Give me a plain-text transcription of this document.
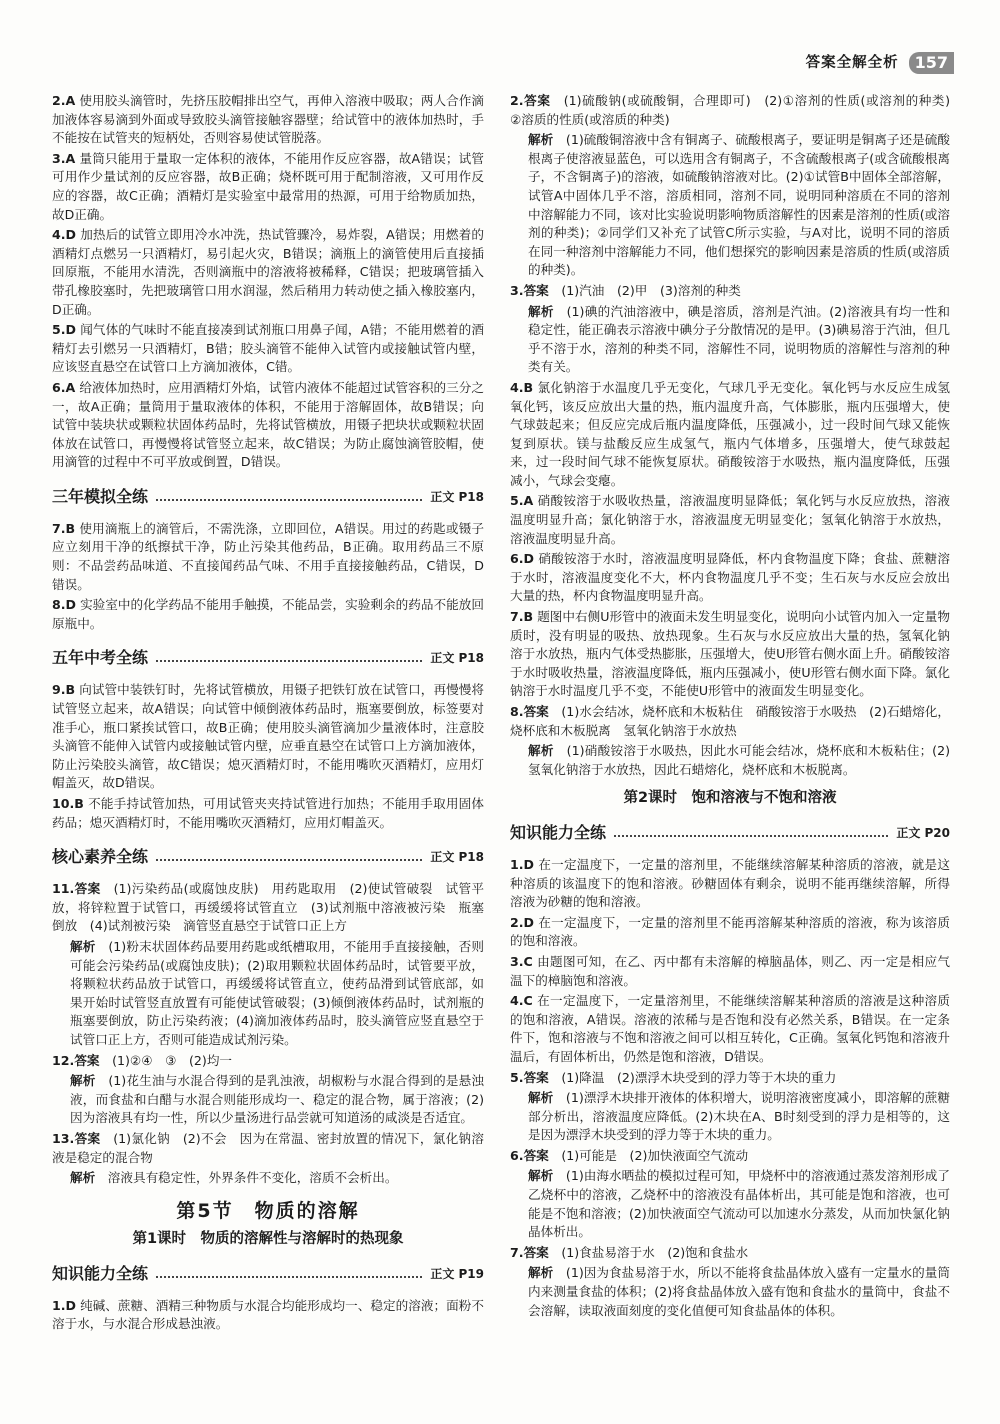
答案全解全析	157
2.A 使用胶头滴管时，先挤压胶帽排出空气，再伸入溶液中吸取；两人合作滴加液体容易滴到外面或导致胶头滴管接触容器壁；给试管中的液体加热时，手不能按在试管夹的短柄处，否则容易使试管脱落。
3.A 量筒只能用于量取一定体积的液体，不能用作反应容器，故A错误；试管可用作少量试剂的反应容器，故B正确；烧杯既可用于配制溶液，又可用作反应的容器，故C正确；酒精灯是实验室中最常用的热源，可用于给物质加热，故D正确。
4.D 加热后的试管立即用冷水冲洗，热试管骤冷，易炸裂，A错误；用燃着的酒精灯点燃另一只酒精灯，易引起火灾，B错误；滴瓶上的滴管使用后直接插回原瓶，不能用水清洗，否则滴瓶中的溶液将被稀释，C错误；把玻璃管插入带孔橡胶塞时，先把玻璃管口用水润湿，然后稍用力转动使之插入橡胶塞内，D正确。
5.D 闻气体的气味时不能直接凑到试剂瓶口用鼻子闻，A错；不能用燃着的酒精灯去引燃另一只酒精灯，B错；胶头滴管不能伸入试管内或接触试管内壁，应该竖直悬空在试管口上方滴加液体，C错。
6.A 给液体加热时，应用酒精灯外焰，试管内液体不能超过试管容积的三分之一，故A正确；量筒用于量取液体的体积，不能用于溶解固体，故B错误；向试管中装块状或颗粒状固体药品时，先将试管横放，用镊子把块状或颗粒状固体放在试管口，再慢慢将试管竖立起来，故C错误；为防止腐蚀滴管胶帽，使用滴管的过程中不可平放或倒置，D错误。
三年模拟全练	正文 P18
7.B 使用滴瓶上的滴管后，不需洗涤，立即回位，A错误。用过的药匙或镊子应立刻用干净的纸擦拭干净，防止污染其他药品，B正确。取用药品三不原则：不品尝药品味道、不直接闻药品气味、不用手直接接触药品，C错误，D错误。
8.D 实验室中的化学药品不能用手触摸，不能品尝，实验剩余的药品不能放回原瓶中。
五年中考全练	正文 P18
9.B 向试管中装铁钉时，先将试管横放，用镊子把铁钉放在试管口，再慢慢将试管竖立起来，故A错误；向试管中倾倒液体药品时，瓶塞要倒放，标签要对准手心，瓶口紧挨试管口，故B正确；使用胶头滴管滴加少量液体时，注意胶头滴管不能伸入试管内或接触试管内壁，应垂直悬空在试管口上方滴加液体，防止污染胶头滴管，故C错误；熄灭酒精灯时，不能用嘴吹灭酒精灯，应用灯帽盖灭，故D错误。
10.B 不能手持试管加热，可用试管夹夹持试管进行加热；不能用手取用固体药品；熄灭酒精灯时，不能用嘴吹灭酒精灯，应用灯帽盖灭。
核心素养全练	正文 P18
11.答案　 (1)污染药品(或腐蚀皮肤)　用药匙取用　(2)使试管破裂　试管平放，将锌粒置于试管口，再缓缓将试管直立　(3)试剂瓶中溶液被污染　瓶塞倒放　(4)试剂被污染　滴管竖直悬空于试管口正上方
解析　 (1)粉末状固体药品要用药匙或纸槽取用，不能用手直接接触，否则可能会污染药品(或腐蚀皮肤)；(2)取用颗粒状固体药品时，试管要平放，将颗粒状药品放于试管口，再缓缓将试管直立，使药品滑到试管底部，如果开始时试管竖直放置有可能使试管破裂；(3)倾倒液体药品时，试剂瓶的瓶塞要倒放，防止污染药液；(4)滴加液体药品时，胶头滴管应竖直悬空于试管口正上方，否则可能造成试剂污染。
12.答案　 (1)②④　③　(2)均一
解析　 (1)花生油与水混合得到的是乳浊液，胡椒粉与水混合得到的是悬浊液，而食盐和白醋与水混合则能形成均一、稳定的混合物，属于溶液；(2)因为溶液具有均一性，所以少量汤进行品尝就可知道汤的咸淡是否适宜。
13.答案　 (1)氯化钠　(2)不会　因为在常温、密封放置的情况下，氯化钠溶液是稳定的混合物
解析　 溶液具有稳定性，外界条件不变化，溶质不会析出。
第5节　物质的溶解
第1课时　物质的溶解性与溶解时的热现象
知识能力全练	正文 P19
1.D 纯碱、蔗糖、酒精三种物质与水混合均能形成均一、稳定的溶液；面粉不溶于水，与水混合形成悬浊液。
2.答案　 (1)硫酸钠(或硫酸铜，合理即可)　(2)①溶剂的性质(或溶剂的种类)　②溶质的性质(或溶质的种类)
解析　 (1)硫酸铜溶液中含有铜离子、硫酸根离子，要证明是铜离子还是硫酸根离子使溶液显蓝色，可以选用含有铜离子，不含硫酸根离子(或含硫酸根离子，不含铜离子)的溶液，如硫酸钠溶液对比。(2)①试管B中固体全部溶解，试管A中固体几乎不溶，溶质相同，溶剂不同，说明同种溶质在不同的溶剂中溶解能力不同，该对比实验说明影响物质溶解性的因素是溶剂的性质(或溶剂的种类)；②同学们又补充了试管C所示实验，与A对比，说明不同的溶质在同一种溶剂中溶解能力不同，他们想探究的影响因素是溶质的性质(或溶质的种类)。
3.答案　 (1)汽油　(2)甲　(3)溶剂的种类
解析　 (1)碘的汽油溶液中，碘是溶质，溶剂是汽油。(2)溶液具有均一性和稳定性，能正确表示溶液中碘分子分散情况的是甲。(3)碘易溶于汽油，但几乎不溶于水，溶剂的种类不同，溶解性不同，说明物质的溶解性与溶剂的种类有关。
4.B 氯化钠溶于水温度几乎无变化，气球几乎无变化。氧化钙与水反应生成氢氧化钙，该反应放出大量的热，瓶内温度升高，气体膨胀，瓶内压强增大，使气球鼓起来；但反应完成后瓶内温度降低，压强减小，过一段时间气球又能恢复到原状。镁与盐酸反应生成氢气，瓶内气体增多，压强增大，使气球鼓起来，过一段时间气球不能恢复原状。硝酸铵溶于水吸热，瓶内温度降低，压强减小，气球会变瘪。
5.A 硝酸铵溶于水吸收热量，溶液温度明显降低；氧化钙与水反应放热，溶液温度明显升高；氯化钠溶于水，溶液温度无明显变化；氢氧化钠溶于水放热，溶液温度明显升高。
6.D 硝酸铵溶于水时，溶液温度明显降低，杯内食物温度下降；食盐、蔗糖溶于水时，溶液温度变化不大，杯内食物温度几乎不变；生石灰与水反应会放出大量的热，杯内食物温度明显升高。
7.B 题图中右侧U形管中的液面未发生明显变化，说明向小试管内加入一定量物质时，没有明显的吸热、放热现象。生石灰与水反应放出大量的热，氢氧化钠溶于水放热，瓶内气体受热膨胀，压强增大，使U形管右侧水面上升。硝酸铵溶于水时吸收热量，溶液温度降低，瓶内压强减小，使U形管右侧水面下降。氯化钠溶于水时温度几乎不变，不能使U形管中的液面发生明显变化。
8.答案　 (1)水会结冰，烧杯底和木板粘住　硝酸铵溶于水吸热　(2)石蜡熔化，烧杯底和木板脱离　氢氧化钠溶于水放热
解析　 (1)硝酸铵溶于水吸热，因此水可能会结冰，烧杯底和木板粘住；(2)氢氧化钠溶于水放热，因此石蜡熔化，烧杯底和木板脱离。
第2课时　饱和溶液与不饱和溶液
知识能力全练	正文 P20
1.D 在一定温度下，一定量的溶剂里，不能继续溶解某种溶质的溶液，就是这种溶质的该温度下的饱和溶液。砂糖固体有剩余，说明不能再继续溶解，所得溶液为砂糖的饱和溶液。
2.D 在一定温度下，一定量的溶剂里不能再溶解某种溶质的溶液，称为该溶质的饱和溶液。
3.C 由题图可知，在乙、丙中都有未溶解的樟脑晶体，则乙、丙一定是相应气温下的樟脑饱和溶液。
4.C 在一定温度下，一定量溶剂里，不能继续溶解某种溶质的溶液是这种溶质的饱和溶液，A错误。溶液的浓稀与是否饱和没有必然关系，B错误。在一定条件下，饱和溶液与不饱和溶液之间可以相互转化，C正确。氢氧化钙饱和溶液升温后，有固体析出，仍然是饱和溶液，D错误。
5.答案　 (1)降温　(2)漂浮木块受到的浮力等于木块的重力
解析　 (1)漂浮木块排开液体的体积增大，说明溶液密度减小，即溶解的蔗糖部分析出，溶液温度应降低。(2)木块在A、B时刻受到的浮力是相等的，这是因为漂浮木块受到的浮力等于木块的重力。
6.答案　 (1)可能是　(2)加快液面空气流动
解析　 (1)由海水晒盐的模拟过程可知，甲烧杯中的溶液通过蒸发溶剂形成了乙烧杯中的溶液，乙烧杯中的溶液没有晶体析出，其可能是饱和溶液，也可能是不饱和溶液；(2)加快液面空气流动可以加速水分蒸发，从而加快氯化钠晶体析出。
7.答案　 (1)食盐易溶于水　(2)饱和食盐水
解析　 (1)因为食盐易溶于水，所以不能将食盐晶体放入盛有一定量水的量筒内来测量食盐的体积；(2)将食盐晶体放入盛有饱和食盐水的量筒中，食盐不会溶解，读取液面刻度的变化值便可知食盐晶体的体积。
